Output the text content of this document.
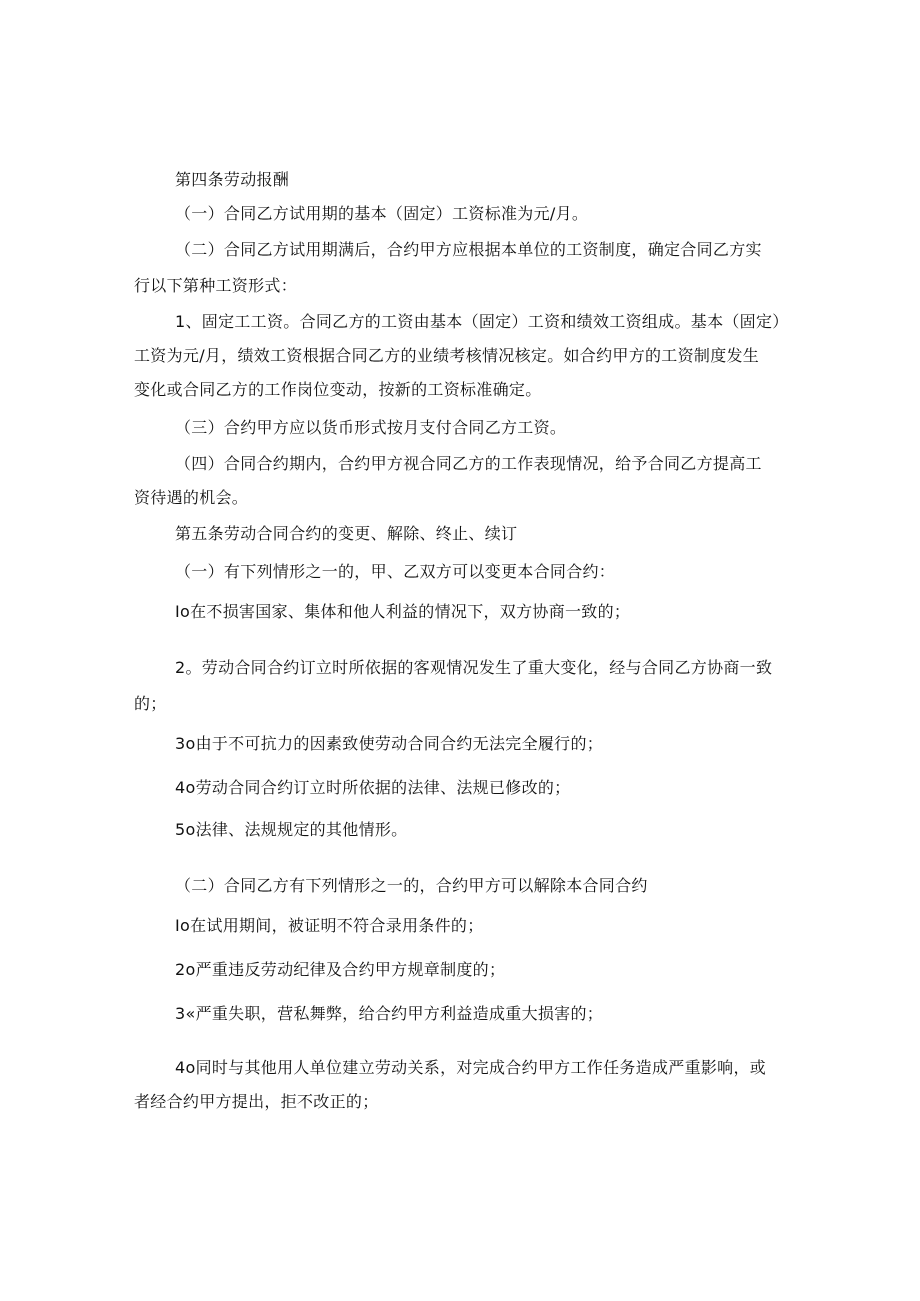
第四条劳动报酬
（一）合同乙方试用期的基本（固定）工资标准为元/月。
（二）合同乙方试用期满后，合约甲方应根据本单位的工资制度，确定合同乙方实
行以下第种工资形式：
1、固定工工资。合同乙方的工资由基本（固定）工资和绩效工资组成。基本（固定）
工资为元/月，绩效工资根据合同乙方的业绩考核情况核定。如合约甲方的工资制度发生
变化或合同乙方的工作岗位变动，按新的工资标准确定。
（三）合约甲方应以货币形式按月支付合同乙方工资。
（四）合同合约期内，合约甲方视合同乙方的工作表现情况，给予合同乙方提高工
资待遇的机会。
第五条劳动合同合约的变更、解除、终止、续订
（一）有下列情形之一的，甲、乙双方可以变更本合同合约：
Io在不损害国家、集体和他人利益的情况下，双方协商一致的；
2。劳动合同合约订立时所依据的客观情况发生了重大变化，经与合同乙方协商一致
的；
3o由于不可抗力的因素致使劳动合同合约无法完全履行的；
4o劳动合同合约订立时所依据的法律、法规已修改的；
5o法律、法规规定的其他情形。
（二）合同乙方有下列情形之一的，合约甲方可以解除本合同合约
Io在试用期间，被证明不符合录用条件的；
2o严重违反劳动纪律及合约甲方规章制度的；
3«严重失职，营私舞弊，给合约甲方利益造成重大损害的；
4o同时与其他用人单位建立劳动关系，对完成合约甲方工作任务造成严重影响，或
者经合约甲方提出，拒不改正的；
